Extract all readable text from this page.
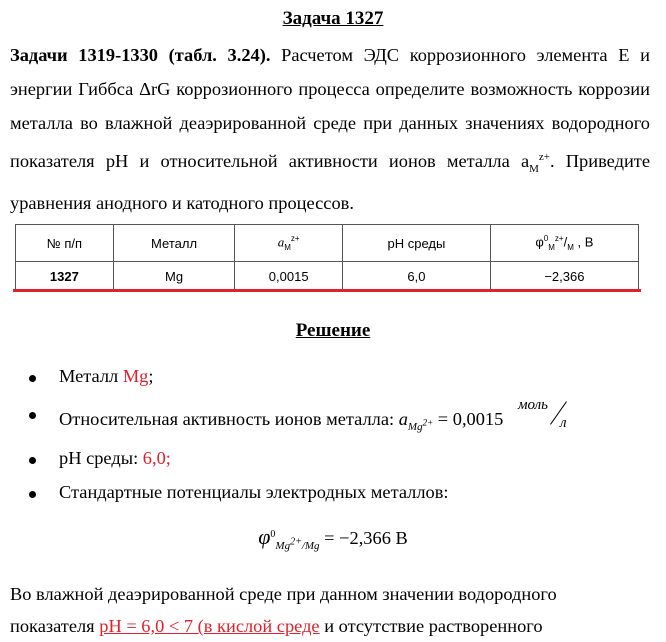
Задача 1327
Задачи 1319-1330 (табл. 3.24). Расчетом ЭДС коррозионного элемента E и энергии Гиббса ΔrG коррозионного процесса определите возможность коррозии металла во влажной деаэрированной среде при данных значениях водородного показателя pH и относительной активности ионов металла $a_M^{z+}$. Приведите уравнения анодного и катодного процессов.
№ п/п	Металл	$a_M^{z+}$	pH среды	$\varphi^0_M^{z+}/_M$ , B
1327	Mg	0,0015	6,0	−2,366
Решение
Металл Mg;
Относительная активность ионов металла: $a_{Mg^{2+}} = 0,0015$
моль
л
pH среды: 6,0;
Стандартные потенциалы электродных металлов:
$\varphi^0_{Mg^{2+}/Mg} = -2,366$ В
Во влажной деаэрированной среде при данном значении водородного
показателя pH = 6,0 < 7 (в кислой среде и отсутствие растворенного
